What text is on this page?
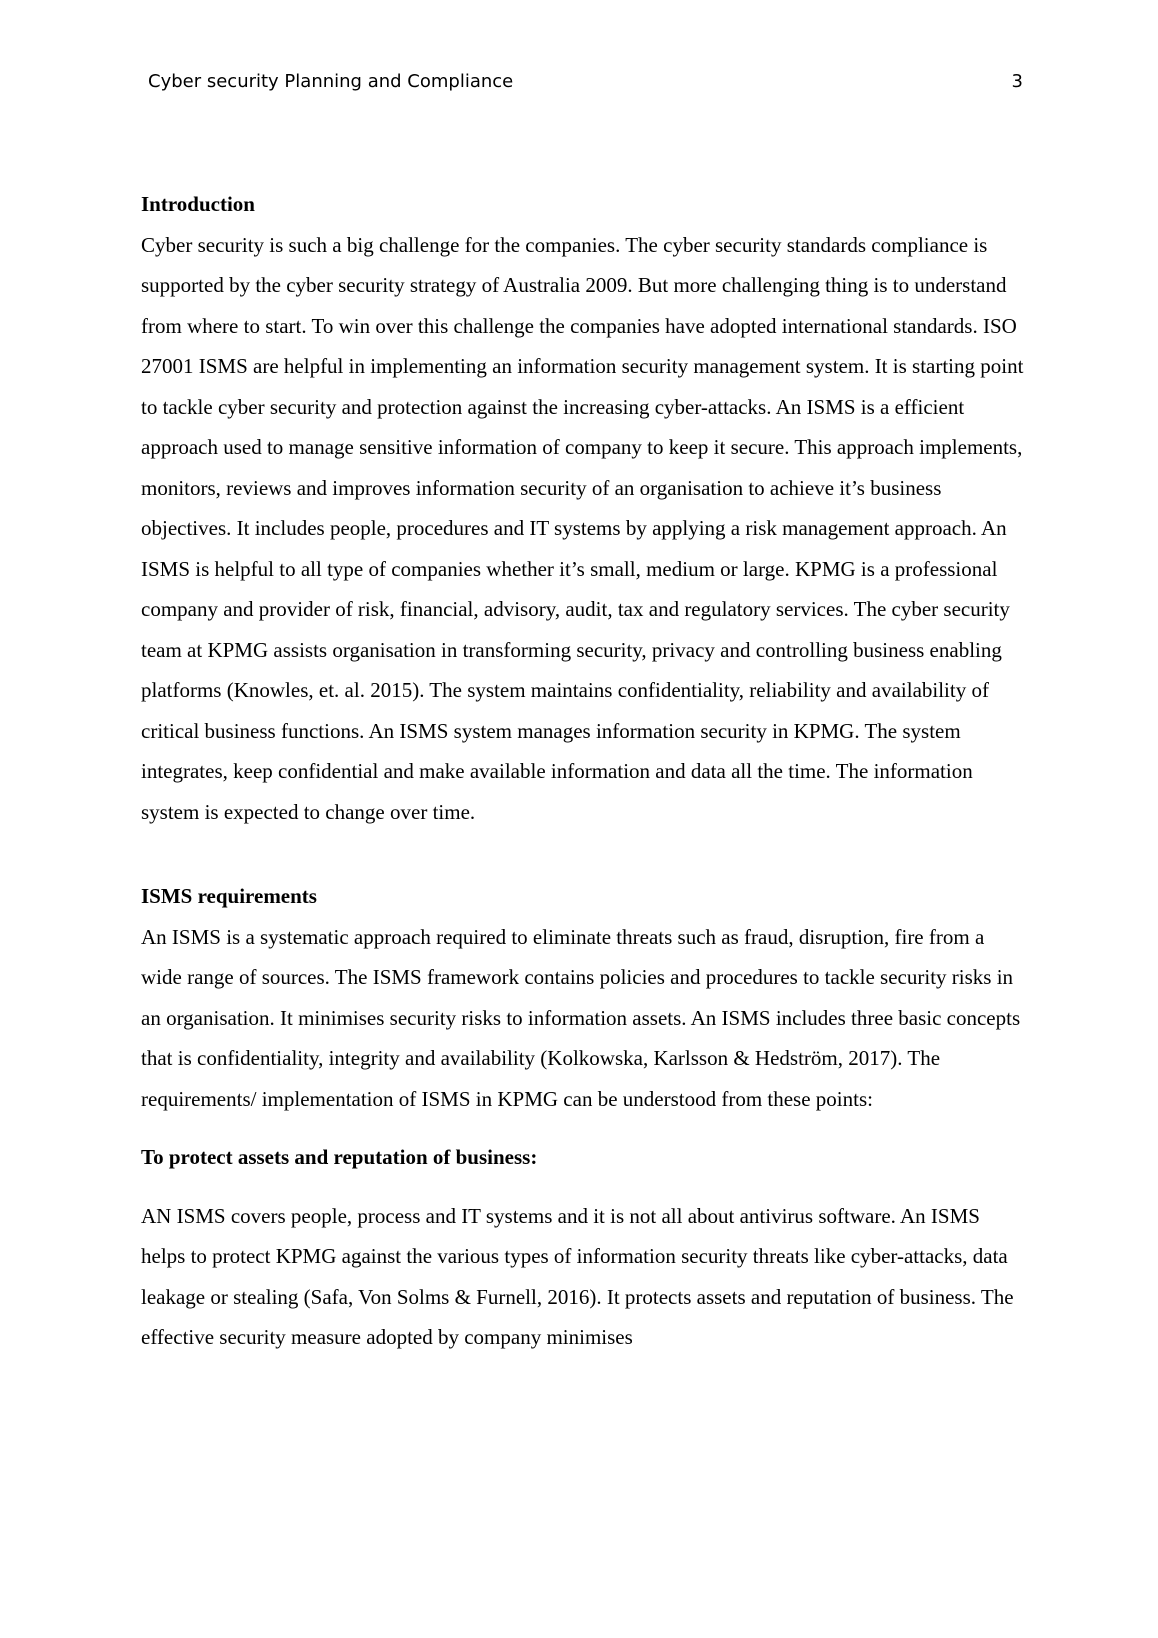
Cyber security Planning and Compliance	3

Introduction

Cyber security is such a big challenge for the companies. The cyber security standards compliance is supported by the cyber security strategy of Australia 2009. But more challenging thing is to understand from where to start. To win over this challenge the companies have adopted international standards. ISO 27001 ISMS are helpful in implementing an information security management system. It is starting point to tackle cyber security and protection against the increasing cyber-attacks. An ISMS is a efficient approach used to manage sensitive information of company to keep it secure. This approach implements, monitors, reviews and improves information security of an organisation to achieve it’s business objectives. It includes people, procedures and IT systems by applying a risk management approach. An ISMS is helpful to all type of companies whether it’s small, medium or large. KPMG is a professional company and provider of risk, financial, advisory, audit, tax and regulatory services. The cyber security team at KPMG assists organisation in transforming security, privacy and controlling business enabling platforms (Knowles, et. al. 2015). The system maintains confidentiality, reliability and availability of critical business functions. An ISMS system manages information security in KPMG. The system integrates, keep confidential and make available information and data all the time. The information system is expected to change over time.

ISMS requirements

An ISMS is a systematic approach required to eliminate threats such as fraud, disruption, fire from a wide range of sources. The ISMS framework contains policies and procedures to tackle security risks in an organisation. It minimises security risks to information assets. An ISMS includes three basic concepts that is confidentiality, integrity and availability (Kolkowska, Karlsson & Hedström, 2017). The requirements/ implementation of ISMS in KPMG can be understood from these points:

To protect assets and reputation of business:

AN ISMS covers people, process and IT systems and it is not all about antivirus software. An ISMS helps to protect KPMG against the various types of information security threats like cyber-attacks, data leakage or stealing (Safa, Von Solms & Furnell, 2016). It protects assets and reputation of business. The effective security measure adopted by company minimises
